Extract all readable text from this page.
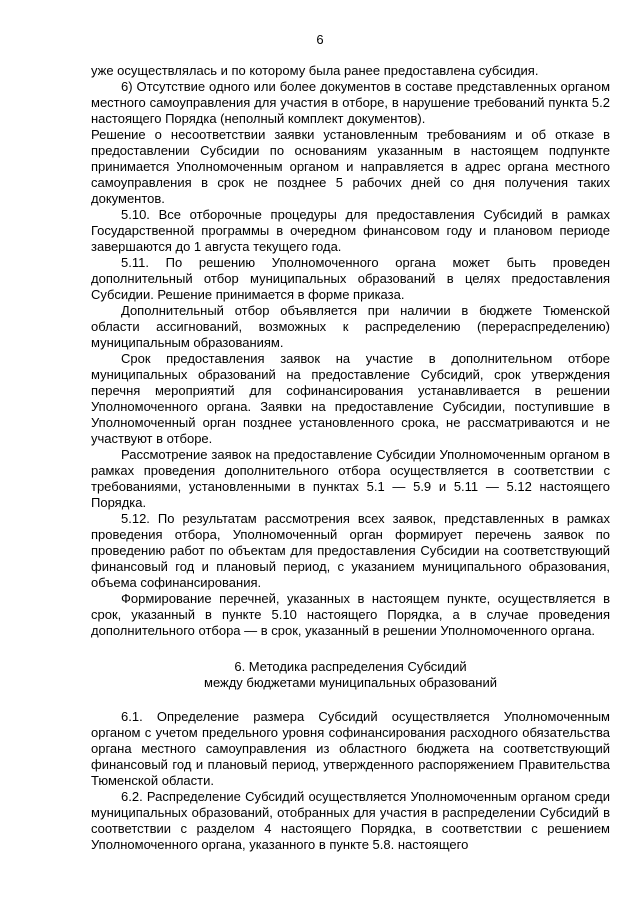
6

уже осуществлялась и по которому была ранее предоставлена субсидия.

6) Отсутствие одного или более документов в составе представленных органом местного самоуправления для участия в отборе, в нарушение требований пункта 5.2 настоящего Порядка (неполный комплект документов).

Решение о несоответствии заявки установленным требованиям и об отказе в предоставлении Субсидии по основаниям указанным в настоящем подпункте принимается Уполномоченным органом и направляется в адрес органа местного самоуправления в срок не позднее 5 рабочих дней со дня получения таких документов.

5.10. Все отборочные процедуры для предоставления Субсидий в рамках Государственной программы в очередном финансовом году и плановом периоде завершаются до 1 августа текущего года.

5.11. По решению Уполномоченного органа может быть проведен дополнительный отбор муниципальных образований в целях предоставления Субсидии. Решение принимается в форме приказа.

Дополнительный отбор объявляется при наличии в бюджете Тюменской области ассигнований, возможных к распределению (перераспределению) муниципальным образованиям.

Срок предоставления заявок на участие в дополнительном отборе муниципальных образований на предоставление Субсидий, срок утверждения перечня мероприятий для софинансирования устанавливается в решении Уполномоченного органа. Заявки на предоставление Субсидии, поступившие в Уполномоченный орган позднее установленного срока, не рассматриваются и не участвуют в отборе.

Рассмотрение заявок на предоставление Субсидии Уполномоченным органом в рамках проведения дополнительного отбора осуществляется в соответствии с требованиями, установленными в пунктах 5.1 — 5.9 и 5.11 — 5.12 настоящего Порядка.

5.12. По результатам рассмотрения всех заявок, представленных в рамках проведения отбора, Уполномоченный орган формирует перечень заявок по проведению работ по объектам для предоставления Субсидии на соответствующий финансовый год и плановый период, с указанием муниципального образования, объема софинансирования.

Формирование перечней, указанных в настоящем пункте, осуществляется в срок, указанный в пункте 5.10 настоящего Порядка, а в случае проведения дополнительного отбора — в срок, указанный в решении Уполномоченного органа.

6. Методика распределения Субсидий
между бюджетами муниципальных образований

6.1. Определение размера Субсидий осуществляется Уполномоченным органом с учетом предельного уровня софинансирования расходного обязательства органа местного самоуправления из областного бюджета на соответствующий финансовый год и плановый период, утвержденного распоряжением Правительства Тюменской области.

6.2. Распределение Субсидий осуществляется Уполномоченным органом среди муниципальных образований, отобранных для участия в распределении Субсидий в соответствии с разделом 4 настоящего Порядка, в соответствии с решением Уполномоченного органа, указанного в пункте 5.8. настоящего
